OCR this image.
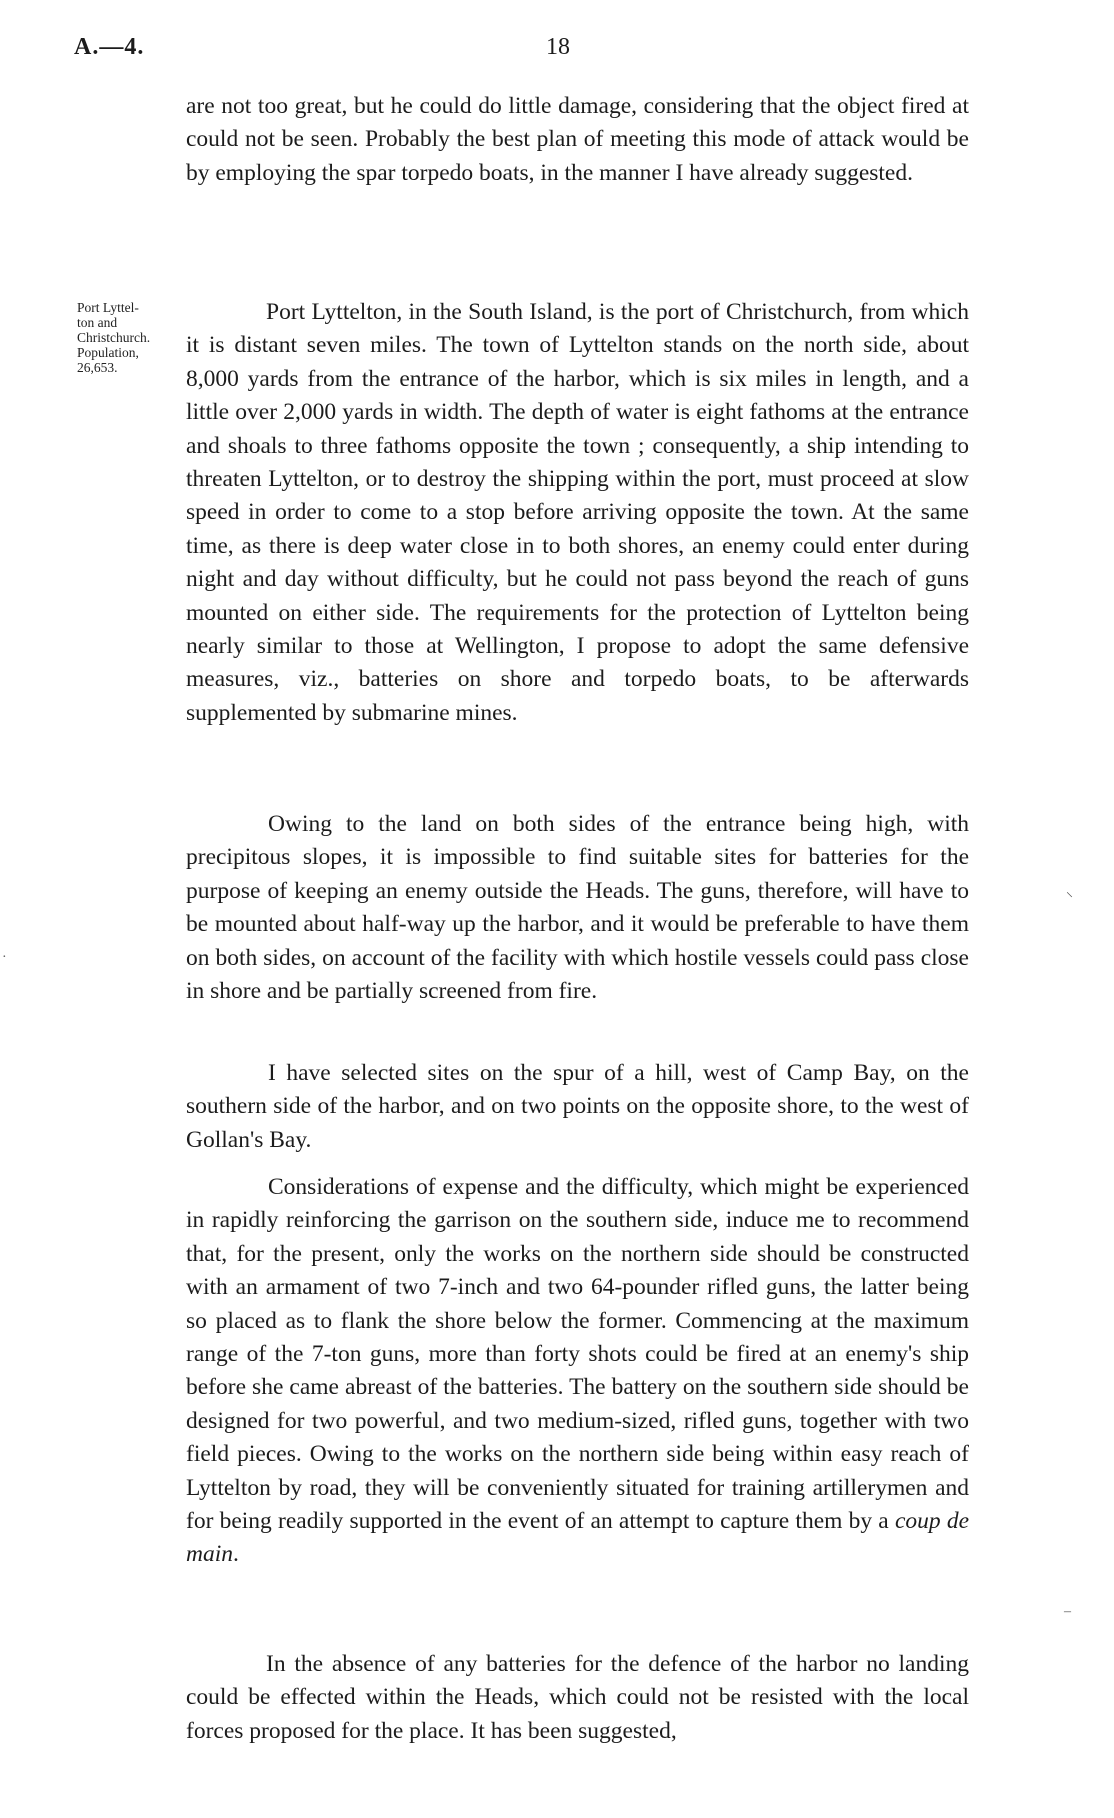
A.—4.	18

are not too great, but he could do little damage, considering that the object fired at could not be seen. Probably the best plan of meeting this mode of attack would be by employing the spar torpedo boats, in the manner I have already suggested.

Port Lyttel-
ton and
Christchurch.
Population,
26,653.

Port Lyttelton, in the South Island, is the port of Christchurch, from which it is distant seven miles. The town of Lyttelton stands on the north side, about 8,000 yards from the entrance of the harbor, which is six miles in length, and a little over 2,000 yards in width. The depth of water is eight fathoms at the entrance and shoals to three fathoms opposite the town ; consequently, a ship intending to threaten Lyttelton, or to destroy the shipping within the port, must proceed at slow speed in order to come to a stop before arriving opposite the town. At the same time, as there is deep water close in to both shores, an enemy could enter during night and day without difficulty, but he could not pass beyond the reach of guns mounted on either side. The requirements for the protection of Lyttelton being nearly similar to those at Wellington, I propose to adopt the same defensive measures, viz., batteries on shore and torpedo boats, to be afterwards supplemented by submarine mines.

Owing to the land on both sides of the entrance being high, with precipitous slopes, it is impossible to find suitable sites for batteries for the purpose of keeping an enemy outside the Heads. The guns, therefore, will have to be mounted about half-way up the harbor, and it would be preferable to have them on both sides, on account of the facility with which hostile vessels could pass close in shore and be partially screened from fire.

I have selected sites on the spur of a hill, west of Camp Bay, on the southern side of the harbor, and on two points on the opposite shore, to the west of Gollan's Bay.

Considerations of expense and the difficulty, which might be experienced in rapidly reinforcing the garrison on the southern side, induce me to recommend that, for the present, only the works on the northern side should be constructed with an armament of two 7-inch and two 64-pounder rifled guns, the latter being so placed as to flank the shore below the former. Commencing at the maximum range of the 7-ton guns, more than forty shots could be fired at an enemy's ship before she came abreast of the batteries. The battery on the southern side should be designed for two powerful, and two medium-sized, rifled guns, together with two field pieces. Owing to the works on the northern side being within easy reach of Lyttelton by road, they will be conveniently situated for training artillerymen and for being readily supported in the event of an attempt to capture them by a coup de main.

In the absence of any batteries for the defence of the harbor no landing could be effected within the Heads, which could not be resisted with the local forces proposed for the place. It has been suggested,

⸌
–
·
